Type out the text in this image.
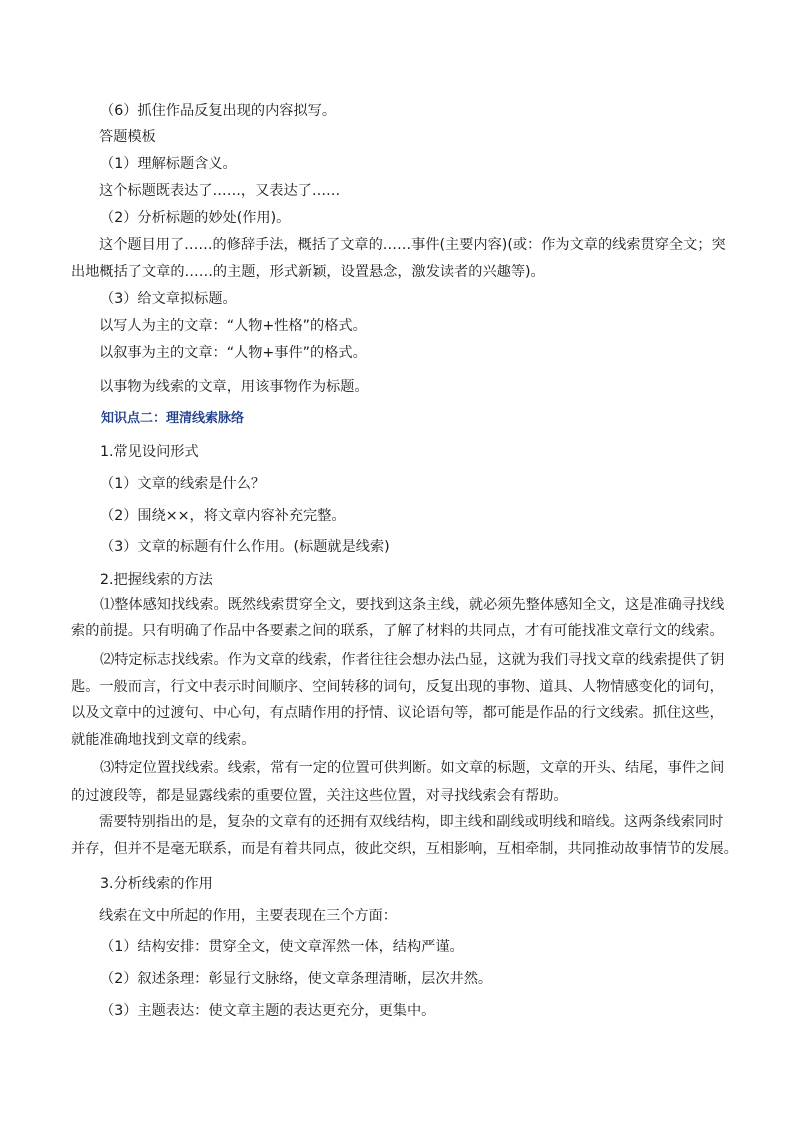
（6）抓住作品反复出现的内容拟写。
答题模板
（1）理解标题含义。
这个标题既表达了……，又表达了……
（2）分析标题的妙处(作用)。
这个题目用了……的修辞手法，概括了文章的……事件(主要内容)(或：作为文章的线索贯穿全文；突
出地概括了文章的……的主题，形式新颖，设置悬念，激发读者的兴趣等)。
（3）给文章拟标题。
以写人为主的文章：“人物+性格”的格式。
以叙事为主的文章：“人物+事件”的格式。
以事物为线索的文章，用该事物作为标题。
知识点二：理清线索脉络
1.常见设问形式
（1）文章的线索是什么？
（2）围绕××，将文章内容补充完整。
（3）文章的标题有什么作用。(标题就是线索)
2.把握线索的方法
⑴整体感知找线索。既然线索贯穿全文，要找到这条主线，就必须先整体感知全文，这是准确寻找线
索的前提。只有明确了作品中各要素之间的联系，了解了材料的共同点，才有可能找准文章行文的线索。
⑵特定标志找线索。作为文章的线索，作者往往会想办法凸显，这就为我们寻找文章的线索提供了钥
匙。一般而言，行文中表示时间顺序、空间转移的词句，反复出现的事物、道具、人物情感变化的词句，
以及文章中的过渡句、中心句，有点睛作用的抒情、议论语句等，都可能是作品的行文线索。抓住这些，
就能准确地找到文章的线索。
⑶特定位置找线索。线索，常有一定的位置可供判断。如文章的标题，文章的开头、结尾，事件之间
的过渡段等，都是显露线索的重要位置，关注这些位置，对寻找线索会有帮助。
需要特别指出的是，复杂的文章有的还拥有双线结构，即主线和副线或明线和暗线。这两条线索同时
并存，但并不是毫无联系，而是有着共同点，彼此交织，互相影响，互相牵制，共同推动故事情节的发展。
3.分析线索的作用
线索在文中所起的作用，主要表现在三个方面：
（1）结构安排：贯穿全文，使文章浑然一体，结构严谨。
（2）叙述条理：彰显行文脉络，使文章条理清晰，层次井然。
（3）主题表达：使文章主题的表达更充分，更集中。
